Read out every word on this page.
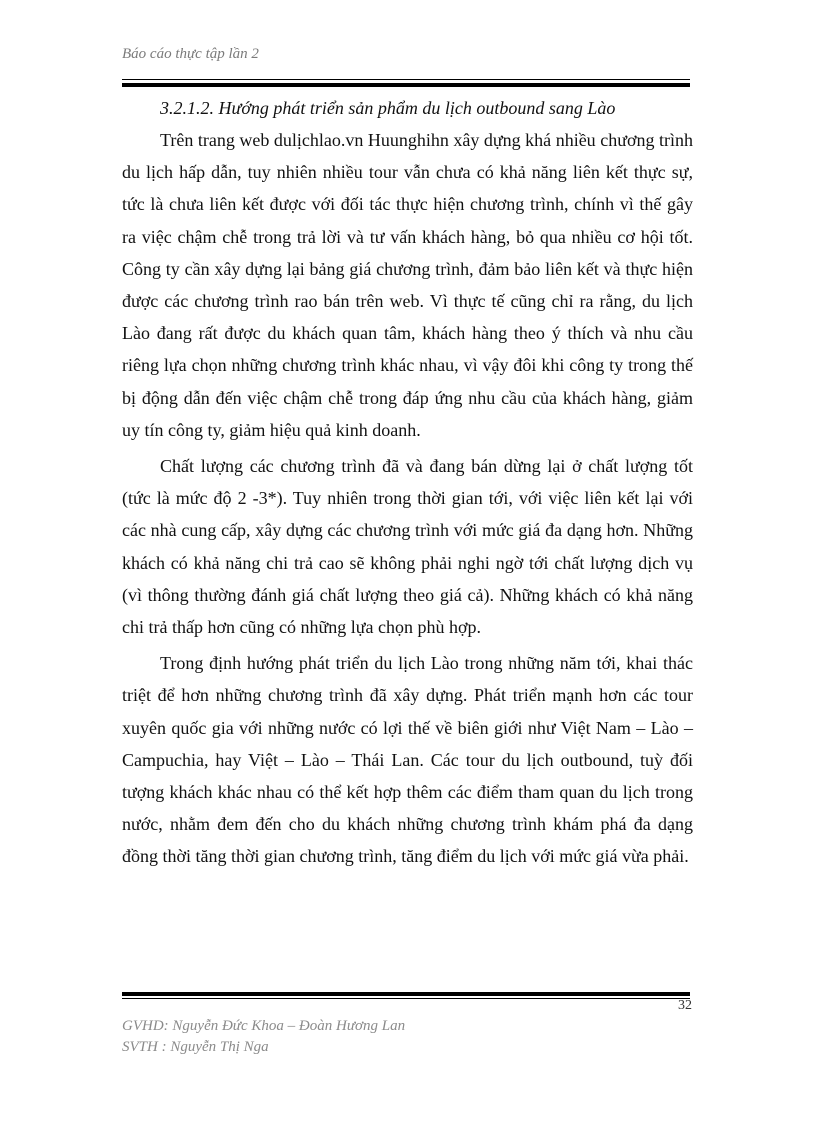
Báo cáo thực tập lần 2

3.2.1.2. Hướng phát triển sản phẩm du lịch outbound sang Lào

Trên trang web dulịchlao.vn Huunghihn xây dựng khá nhiều chương trình du lịch hấp dẫn, tuy nhiên nhiều tour vẫn chưa có khả năng liên kết thực sự, tức là chưa liên kết được với đối tác thực hiện chương trình, chính vì thế gây ra việc chậm chễ trong trả lời và tư vấn khách hàng, bỏ qua nhiều cơ hội tốt. Công ty cần xây dựng lại bảng giá chương trình, đảm bảo liên kết và thực hiện được các chương trình rao bán trên web. Vì thực tế cũng chỉ ra rằng, du lịch Lào đang rất được du khách quan tâm, khách hàng theo ý thích và nhu cầu riêng lựa chọn những chương trình khác nhau, vì vậy đôi khi công ty trong thế bị động dẫn đến việc chậm chễ trong đáp ứng nhu cầu của khách hàng, giảm uy tín công ty, giảm hiệu quả kinh doanh.

Chất lượng các chương trình đã và đang bán dừng lại ở chất lượng tốt (tức là mức độ 2 -3*). Tuy nhiên trong thời gian tới, với việc liên kết lại với các nhà cung cấp, xây dựng các chương trình với mức giá đa dạng hơn. Những khách có khả năng chi trả cao sẽ không phải nghi ngờ tới chất lượng dịch vụ (vì thông thường đánh giá chất lượng theo giá cả). Những khách có khả năng chi trả thấp hơn cũng có những lựa chọn phù hợp.

Trong định hướng phát triển du lịch Lào trong những năm tới, khai thác triệt để hơn những chương trình đã xây dựng. Phát triển mạnh hơn các tour xuyên quốc gia với những nước có lợi thế về biên giới như Việt Nam – Lào – Campuchia, hay Việt – Lào – Thái Lan. Các tour du lịch outbound, tuỳ đối tượng khách khác nhau có thể kết hợp thêm các điểm tham quan du lịch trong nước, nhằm đem đến cho du khách những chương trình khám phá đa dạng đồng thời tăng thời gian chương trình, tăng điểm du lịch với mức giá vừa phải.

32

GVHD: Nguyễn Đức Khoa – Đoàn Hương Lan

SVTH : Nguyễn Thị Nga
